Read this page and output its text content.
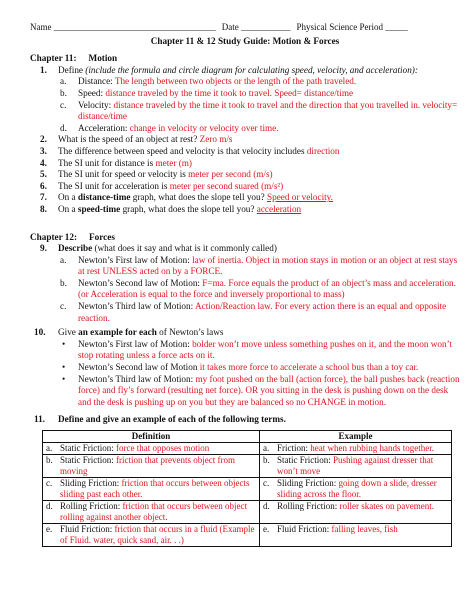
Name ____________________________________ Date ___________ Physical Science Period _____
Chapter 11 & 12 Study Guide: Motion & Forces
Chapter 11: Motion
1. Define (include the formula and circle diagram for calculating speed, velocity, and acceleration):
a. Distance: The length between two objects or the length of the path traveled.
b. Speed: distance traveled by the time it took to travel. Speed= distance/time
c. Velocity: distance traveled by the time it took to travel and the direction that you travelled in. velocity= distance/time
d. Acceleration: change in velocity or velocity over time.
2. What is the speed of an object at rest? Zero m/s
3. The difference between speed and velocity is that velocity includes direction
4. The SI unit for distance is meter (m)
5. The SI unit for speed or velocity is meter per second (m/s)
6. The SI unit for acceleration is meter per second suared (m/s²)
7. On a distance-time graph, what does the slope tell you? Speed or velocity.
8. On a speed-time graph, what does the slope tell you? acceleration
Chapter 12: Forces
9. Describe (what does it say and what is it commonly called)
a. Newton’s First law of Motion: law of inertia. Object in motion stays in motion or an object at rest stays at rest UNLESS acted on by a FORCE.
b. Newton’s Second law of Motion: F=ma. Force equals the product of an object’s mass and acceleration. (or Acceleration is equal to the force and inversely proportional to mass)
c. Newton’s Third law of Motion: Action/Reaction law. For every action there is an equal and opposite reaction.
10. Give an example for each of Newton’s laws
• Newton’s First law of Motion: bolder won’t move unless something pushes on it, and the moon won’t stop rotating unless a force acts on it.
• Newton’s Second law of Motion it takes more force to accelerate a school bus than a toy car.
• Newton’s Third law of Motion: my foot pushed on the ball (action force), the ball pushes back (reaction force) and fly’s forward (resulting net force). OR you sitting in the desk is pushing down on the desk and the desk is pushing up on you but they are balanced so no CHANGE in motion.
11. Define and give an example of each of the following terms.
Definition	Example

a. Static Friction: force that opposes motion	a. Friction: heat when rubbing hands together.

b. Static Friction: friction that prevents object from moving	b. Static Friction: Pushing against dresser that won’t move

c. Sliding Friction: friction that occurs between objects sliding past each other.	c. Sliding Friction: going down a slide, dresser sliding across the floor.

d. Rolling Friction: friction that occurs between object rolling against another object.	d. Rolling Friction: roller skates on pavement.

e. Fluid Friction: friction that occurs in a fluid (Example of Fluid. water, quick sand, air. . .)	e. Fluid Friction: falling leaves, fish
